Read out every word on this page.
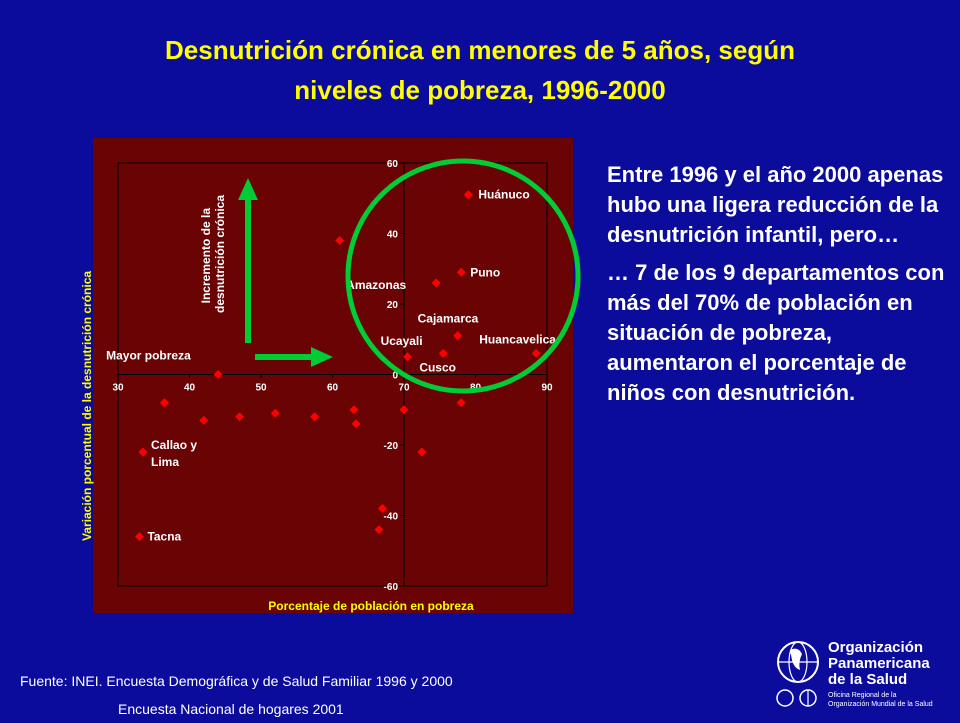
Desnutrición crónica en menores de 5 años, según
niveles de pobreza, 1996-2000
30	40	50	60	70	80	90
60
40
20
0
-20
-40
-60
Tacna
Callao y Lima
Mayor pobreza
Ucayali
Amazonas
Cusco
Cajamarca
Puno
Huánuco
Huancavelica
Porcentaje de población en pobreza
Variación porcentual de la desnutrición crónica
Incremento de la desnutrición crónica

Entre 1996 y el año 2000 apenas hubo una ligera reducción de la desnutrición infantil, pero…

… 7 de los 9 departamentos con más del 70% de población en situación de pobreza, aumentaron el porcentaje de niños con desnutrición.

Fuente: INEI. Encuesta Demográfica y de Salud Familiar 1996 y 2000
Encuesta Nacional de hogares 2001
Organización
Panamericana
de la Salud
Oficina Regional de la
Organización Mundial de la Salud
